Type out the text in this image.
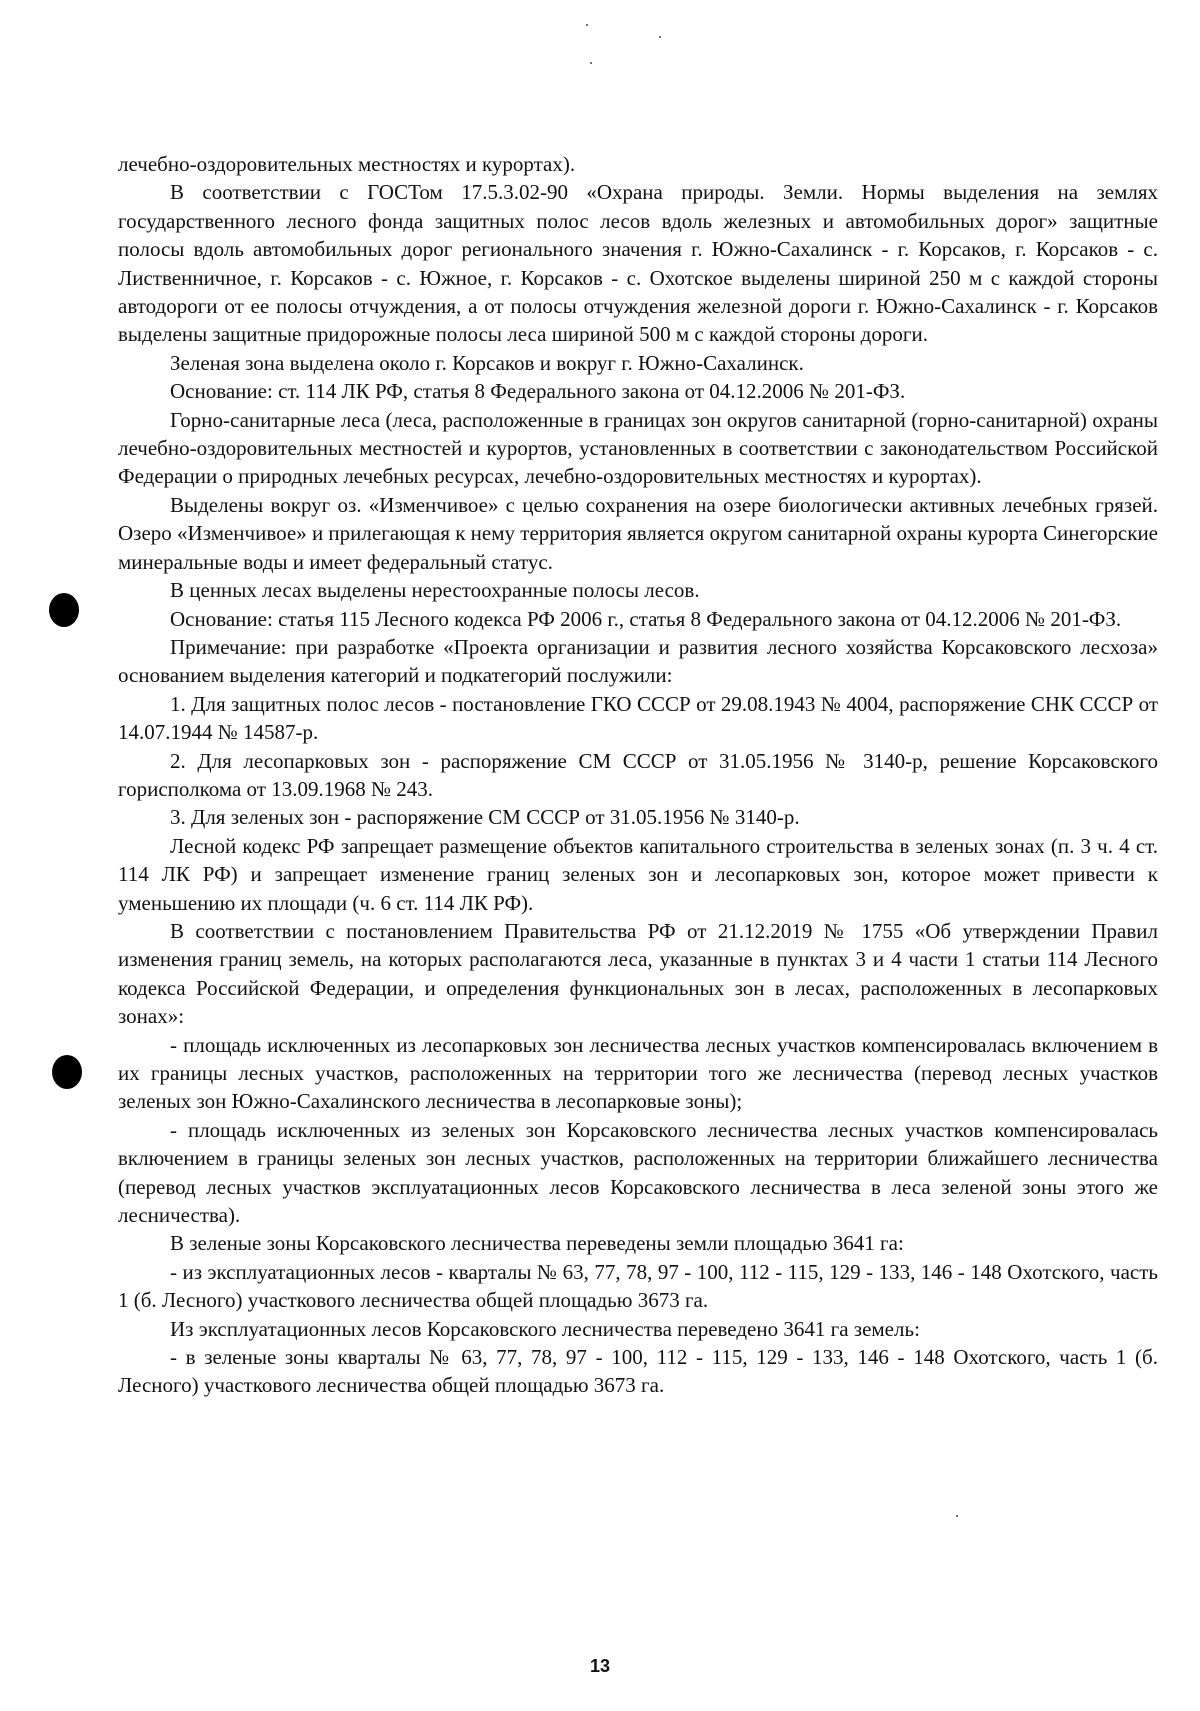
лечебно-оздоровительных местностях и курортах).

В соответствии с ГОСТом 17.5.3.02-90 «Охрана природы. Земли. Нормы выделения на землях государственного лесного фонда защитных полос лесов вдоль железных и автомобильных дорог» защитные полосы вдоль автомобильных дорог регионального значения г. Южно-Сахалинск - г. Корсаков, г. Корсаков - с. Лиственничное, г. Корсаков - с. Южное, г. Корсаков - с. Охотское выделены шириной 250 м с каждой стороны автодороги от ее полосы отчуждения, а от полосы отчуждения железной дороги г. Южно-Сахалинск - г. Корсаков выделены защитные придорожные полосы леса шириной 500 м с каждой стороны дороги.

Зеленая зона выделена около г. Корсаков и вокруг г. Южно-Сахалинск.

Основание: ст. 114 ЛК РФ, статья 8 Федерального закона от 04.12.2006 № 201-ФЗ.

Горно-санитарные леса (леса, расположенные в границах зон округов санитарной (горно-санитарной) охраны лечебно-оздоровительных местностей и курортов, установленных в соответствии с законодательством Российской Федерации о природных лечебных ресурсах, лечебно-оздоровительных местностях и курортах).

Выделены вокруг оз. «Изменчивое» с целью сохранения на озере биологически активных лечебных грязей. Озеро «Изменчивое» и прилегающая к нему территория является округом санитарной охраны курорта Синегорские минеральные воды и имеет федеральный статус.

В ценных лесах выделены нерестоохранные полосы лесов.

Основание: статья 115 Лесного кодекса РФ 2006 г., статья 8 Федерального закона от 04.12.2006 № 201-ФЗ.

Примечание: при разработке «Проекта организации и развития лесного хозяйства Корсаковского лесхоза» основанием выделения категорий и подкатегорий послужили:

1. Для защитных полос лесов - постановление ГКО СССР от 29.08.1943 № 4004, распоряжение СНК СССР от 14.07.1944 № 14587-р.

2. Для лесопарковых зон - распоряжение СМ СССР от 31.05.1956 № 3140-р, решение Корсаковского горисполкома от 13.09.1968 № 243.

3. Для зеленых зон - распоряжение СМ СССР от 31.05.1956 № 3140-р.

Лесной кодекс РФ запрещает размещение объектов капитального строительства в зеленых зонах (п. 3 ч. 4 ст. 114 ЛК РФ) и запрещает изменение границ зеленых зон и лесопарковых зон, которое может привести к уменьшению их площади (ч. 6 ст. 114 ЛК РФ).

В соответствии с постановлением Правительства РФ от 21.12.2019 № 1755 «Об утверждении Правил изменения границ земель, на которых располагаются леса, указанные в пунктах 3 и 4 части 1 статьи 114 Лесного кодекса Российской Федерации, и определения функциональных зон в лесах, расположенных в лесопарковых зонах»:

- площадь исключенных из лесопарковых зон лесничества лесных участков компенсировалась включением в их границы лесных участков, расположенных на территории того же лесничества (перевод лесных участков зеленых зон Южно-Сахалинского лесничества в лесопарковые зоны);

- площадь исключенных из зеленых зон Корсаковского лесничества лесных участков компенсировалась включением в границы зеленых зон лесных участков, расположенных на территории ближайшего лесничества (перевод лесных участков эксплуатационных лесов Корсаковского лесничества в леса зеленой зоны этого же лесничества).

В зеленые зоны Корсаковского лесничества переведены земли площадью 3641 га:

- из эксплуатационных лесов - кварталы № 63, 77, 78, 97 - 100, 112 - 115, 129 - 133, 146 - 148 Охотского, часть 1 (б. Лесного) участкового лесничества общей площадью 3673 га.

Из эксплуатационных лесов Корсаковского лесничества переведено 3641 га земель:

- в зеленые зоны кварталы № 63, 77, 78, 97 - 100, 112 - 115, 129 - 133, 146 - 148 Охотского, часть 1 (б. Лесного) участкового лесничества общей площадью 3673 га.

13
